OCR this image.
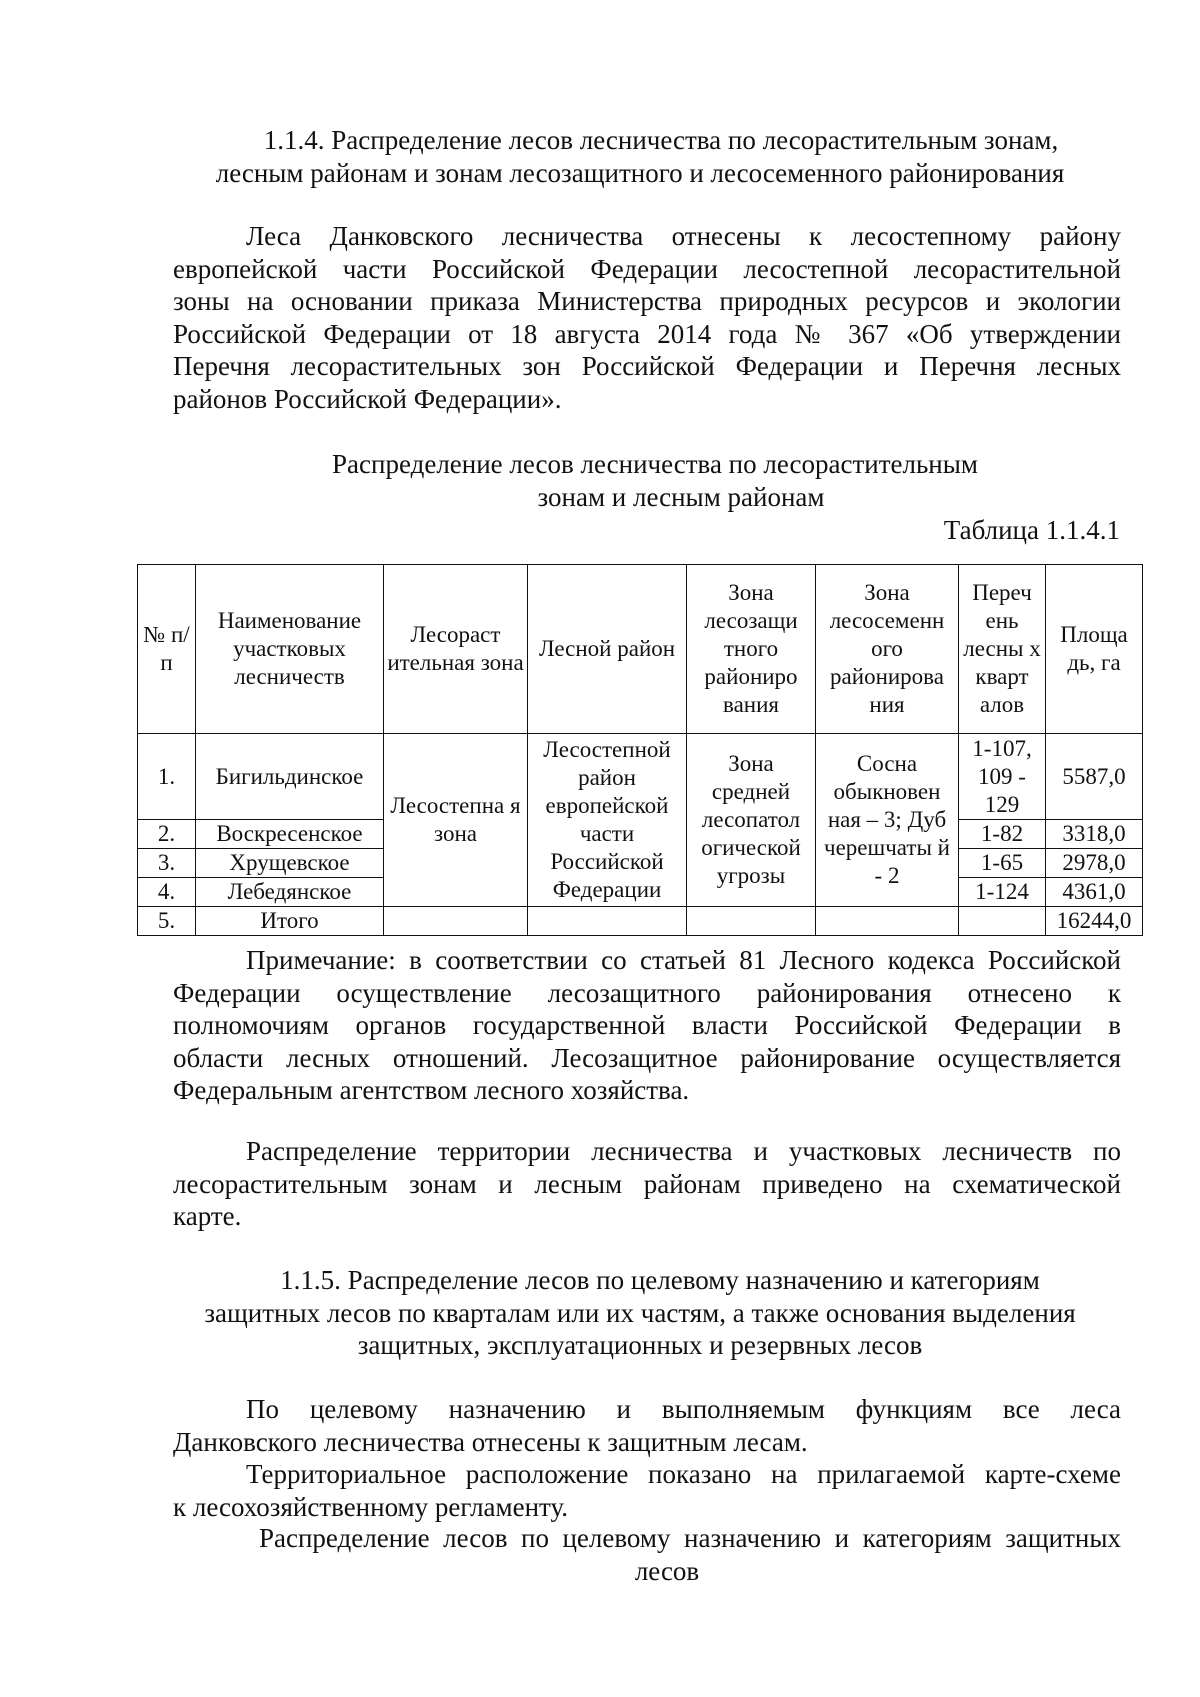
1.1.4. Распределение лесов лесничества по лесорастительным зонам,
лесным районам и зонам лесозащитного и лесосеменного районирования

Леса Данковского лесничества отнесены к лесостепному району

европейской части Российской Федерации лесостепной лесорастительной

зоны на основании приказа Министерства природных ресурсов и экологии

Российской Федерации от 18 августа 2014 года № 367 «Об утверждении

Перечня лесорастительных зон Российской Федерации и Перечня лесных

районов Российской Федерации».

Распределение лесов лесничества по лесорастительным
зонам и лесным районам
Таблица 1.1.4.1
№ п/п	Наименование участковых лесничеств	Лесораст ительная зона	Лесной район	Зона лесозащи тного райониро вания	Зона лесосеменн ого районирова ния	Переч ень лесны х кварт алов	Площа дь, га
1.	Бигильдинское	Лесостепна я зона	Лесостепной район европейской части Российской Федерации	Зона средней лесопатол огической угрозы	Сосна обыкновен ная – 3; Дуб черешчаты й - 2	1-107, 109 - 129	5587,0
2.	Воскресенское					1-82	3318,0
3.	Хрущевское					1-65	2978,0
4.	Лебедянское					1-124	4361,0
5.	Итого						16244,0

Примечание: в соответствии со статьей 81 Лесного кодекса Российской

Федерации осуществление лесозащитного районирования отнесено к

полномочиям органов государственной власти Российской Федерации в

области лесных отношений. Лесозащитное районирование осуществляется

Федеральным агентством лесного хозяйства.

Распределение территории лесничества и участковых лесничеств по

лесорастительным зонам и лесным районам приведено на схематической

карте.

1.1.5. Распределение лесов по целевому назначению и категориям
защитных лесов по кварталам или их частям, а также основания выделения
защитных, эксплуатационных и резервных лесов

По целевому назначению и выполняемым функциям все леса

Данковского лесничества отнесены к защитным лесам.

Территориальное расположение показано на прилагаемой карте-схеме

к лесохозяйственному регламенту.

Распределение лесов по целевому назначению и категориям защитных

лесов
